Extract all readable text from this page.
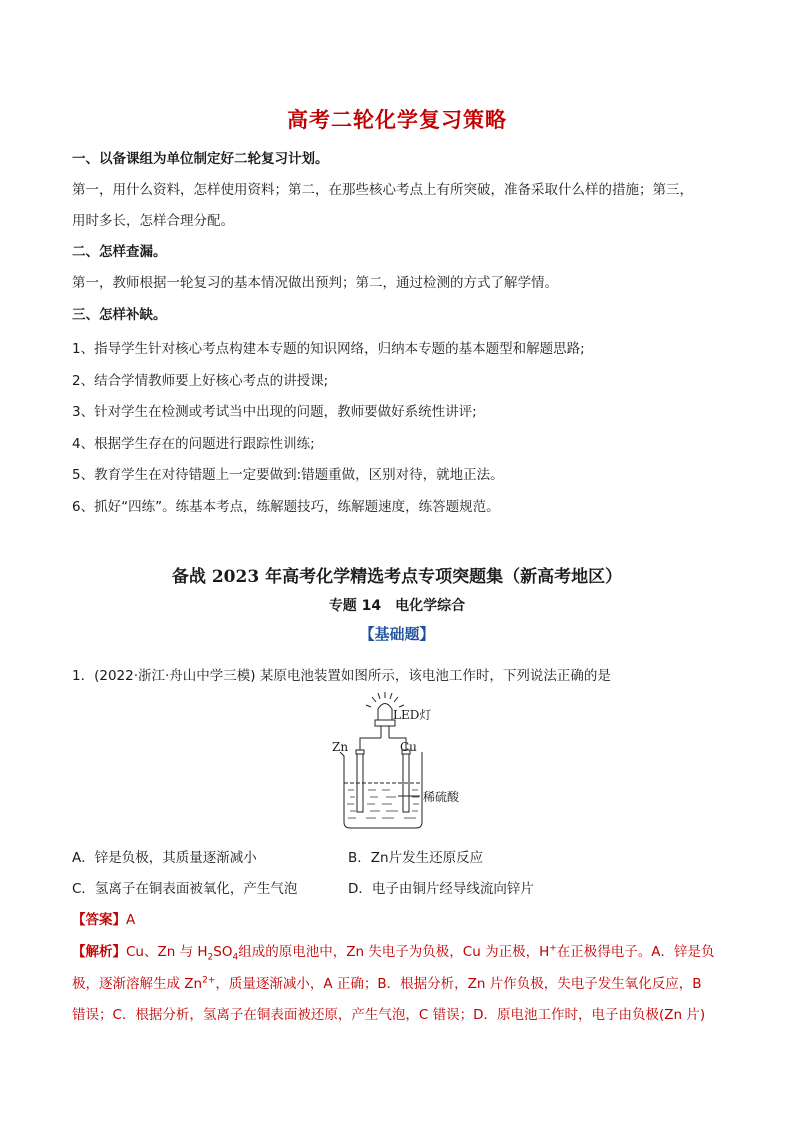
高考二轮化学复习策略
一、以备课组为单位制定好二轮复习计划。
第一，用什么资料，怎样使用资料；第二，在那些核心考点上有所突破，准备采取什么样的措施；第三，
用时多长，怎样合理分配。
二、怎样查漏。
第一，教师根据一轮复习的基本情况做出预判；第二，通过检测的方式了解学情。
三、怎样补缺。
1、指导学生针对核心考点构建本专题的知识网络，归纳本专题的基本题型和解题思路;
2、结合学情教师要上好核心考点的讲授课;
3、针对学生在检测或考试当中出现的问题，教师要做好系统性讲评;
4、根据学生存在的问题进行跟踪性训练;
5、教育学生在对待错题上一定要做到:错题重做，区别对待，就地正法。
6、抓好“四练”。练基本考点，练解题技巧，练解题速度，练答题规范。
备战 2023 年高考化学精选考点专项突题集（新高考地区）
专题 14　电化学综合
【基础题】
1．(2022·浙江·舟山中学三模) 某原电池装置如图所示，该电池工作时，下列说法正确的是
LED灯
Zn	Cu
稀硫酸
A．锌是负极，其质量逐渐减小	B．Zn片发生还原反应
C．氢离子在铜表面被氧化，产生气泡	D．电子由铜片经导线流向锌片
【答案】A
【解析】Cu、Zn 与 $H_2SO_4$组成的原电池中，Zn 失电子为负极，Cu 为正极，H+在正极得电子。A．锌是负
极，逐渐溶解生成 $Zn^{2+}$，质量逐渐减小，A 正确；B．根据分析，Zn 片作负极，失电子发生氧化反应，B
错误；C．根据分析，氢离子在铜表面被还原，产生气泡，C 错误；D．原电池工作时，电子由负极(Zn 片)
